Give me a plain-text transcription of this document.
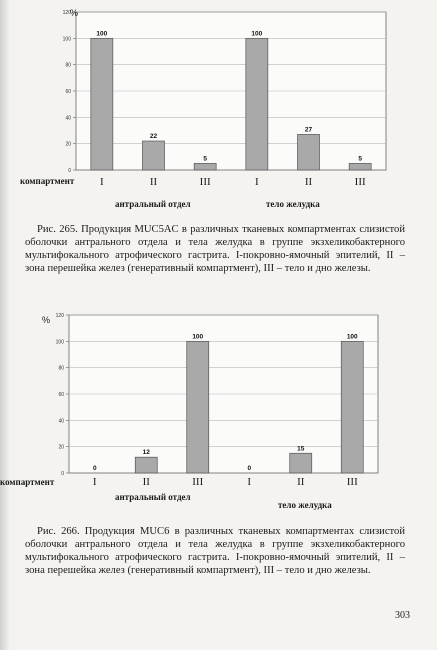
0
20
40
60
80
100
120
100
22
5
100
27
5
%
компартмент
антральный отдел	тело желудка
I	II	III	I	II	III

Рис. 265. Продукция MUC5AC в различных тканевых компартментах слизистой оболочки антрального отдела и тела желудка в группе экзхеликобактерного мультифокального атрофического гастрита. I-покровно-ямочный эпителий, II – зона перешейка желез (генеративный компартмент), III – тело и дно железы.

0
20
40
60
80
100
120
0
12
100
0
15
100
%
компартмент
антральный отдел
тело желудка
I	II	III	I	II	III

Рис. 266. Продукция MUC6 в различных тканевых компартментах слизистой оболочки антрального отдела и тела желудка в группе экзхеликобактерного мультифокального атрофического гастрита. I-покровно-ямочный эпителий, II – зона перешейка желез (генеративный компартмент), III – тело и дно железы.

303
